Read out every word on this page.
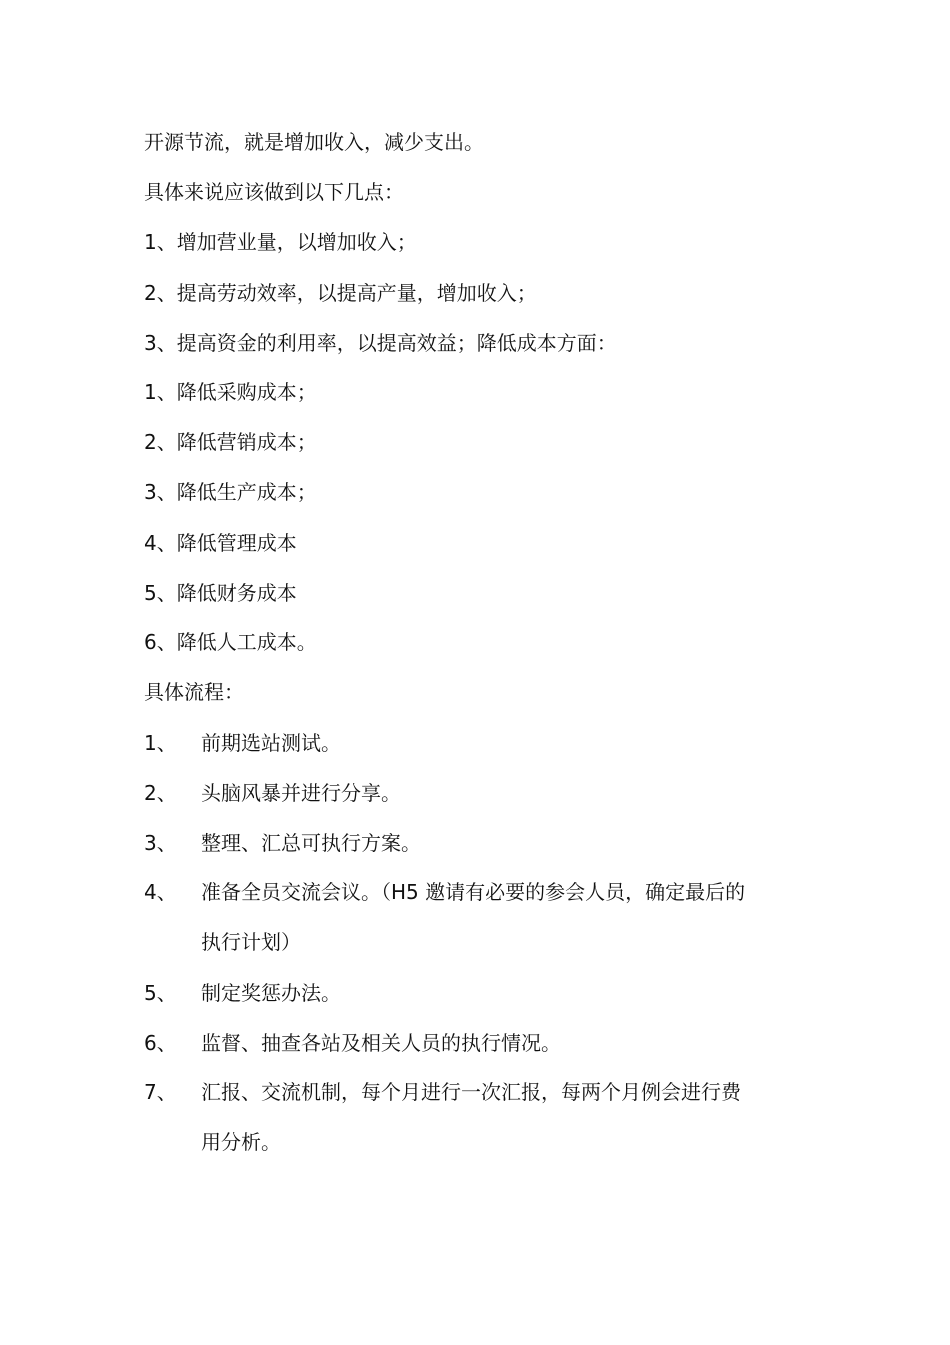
开源节流，就是增加收入，减少支出。
具体来说应该做到以下几点：
1、增加营业量，以增加收入；
2、提高劳动效率，以提高产量，增加收入；
3、提高资金的利用率，以提高效益；降低成本方面：
1、降低采购成本；
2、降低营销成本；
3、降低生产成本；
4、降低管理成本
5、降低财务成本
6、降低人工成本。
具体流程：
1、 前期选站测试。
2、 头脑风暴并进行分享。
3、 整理、汇总可执行方案。
4、 准备全员交流会议。（H5 邀请有必要的参会人员，确定最后的
执行计划）
5、 制定奖惩办法。
6、 监督、抽查各站及相关人员的执行情况。
7、 汇报、交流机制，每个月进行一次汇报，每两个月例会进行费
用分析。
